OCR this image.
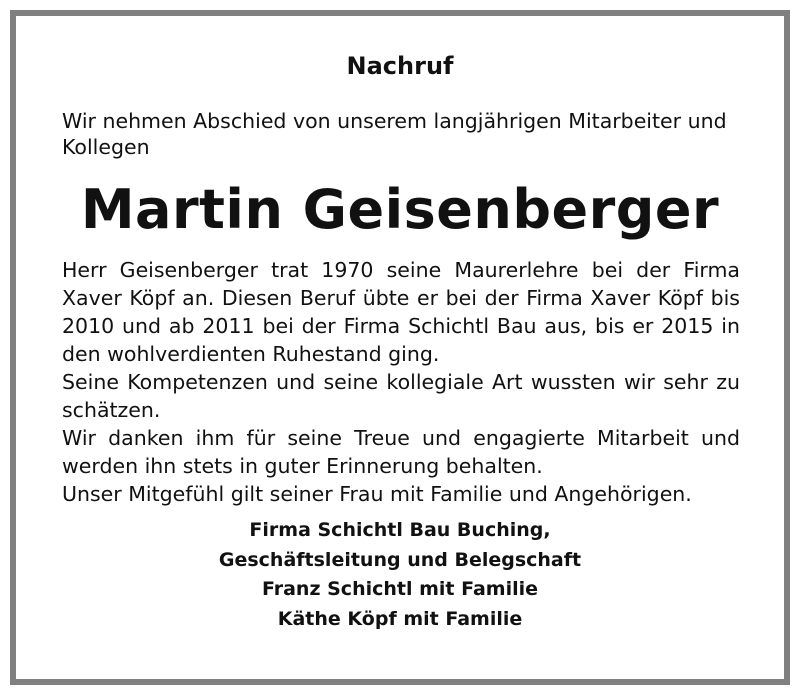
Nachruf
Wir nehmen Abschied von unserem langjährigen Mitarbeiter und Kollegen
Martin Geisenberger

Herr Geisenberger trat 1970 seine Maurerlehre bei der Firma Xaver Köpf an. Diesen Beruf übte er bei der Firma Xaver Köpf bis 2010 und ab 2011 bei der Firma Schichtl Bau aus, bis er 2015 in den wohlverdienten Ruhestand ging.

Seine Kompetenzen und seine kollegiale Art wussten wir sehr zu schätzen.

Wir danken ihm für seine Treue und engagierte Mitarbeit und werden ihn stets in guter Erinnerung behalten.

Unser Mitgefühl gilt seiner Frau mit Familie und Angehörigen.

Firma Schichtl Bau Buching,
Geschäftsleitung und Belegschaft
Franz Schichtl mit Familie
Käthe Köpf mit Familie
